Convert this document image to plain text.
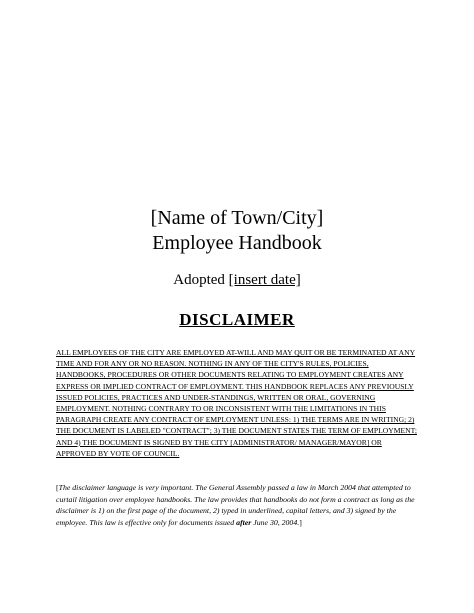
[Name of Town/City]
Employee Handbook
Adopted [insert date]
DISCLAIMER

ALL EMPLOYEES OF THE CITY ARE EMPLOYED AT-WILL AND MAY QUIT OR BE TERMINATED AT ANY TIME AND FOR ANY OR NO REASON. NOTHING IN ANY OF THE CITY'S RULES, POLICIES, HANDBOOKS, PROCEDURES OR OTHER DOCUMENTS RELATING TO EMPLOYMENT CREATES ANY EXPRESS OR IMPLIED CONTRACT OF EMPLOYMENT. THIS HANDBOOK REPLACES ANY PREVIOUSLY ISSUED POLICIES, PRACTICES AND UNDER-STANDINGS, WRITTEN OR ORAL, GOVERNING EMPLOYMENT. NOTHING CONTRARY TO OR INCONSISTENT WITH THE LIMITATIONS IN THIS PARAGRAPH CREATE ANY CONTRACT OF EMPLOYMENT UNLESS: 1) THE TERMS ARE IN WRITING; 2) THE DOCUMENT IS LABELED "CONTRACT"; 3) THE DOCUMENT STATES THE TERM OF EMPLOYMENT; AND 4) THE DOCUMENT IS SIGNED BY THE CITY [ADMINISTRATOR/ MANAGER/MAYOR] OR APPROVED BY VOTE OF COUNCIL.

[The disclaimer language is very important. The General Assembly passed a law in March 2004 that attempted to curtail litigation over employee handbooks. The law provides that handbooks do not form a contract as long as the disclaimer is 1) on the first page of the document, 2) typed in underlined, capital letters, and 3) signed by the employee. This law is effective only for documents issued after June 30, 2004.]
